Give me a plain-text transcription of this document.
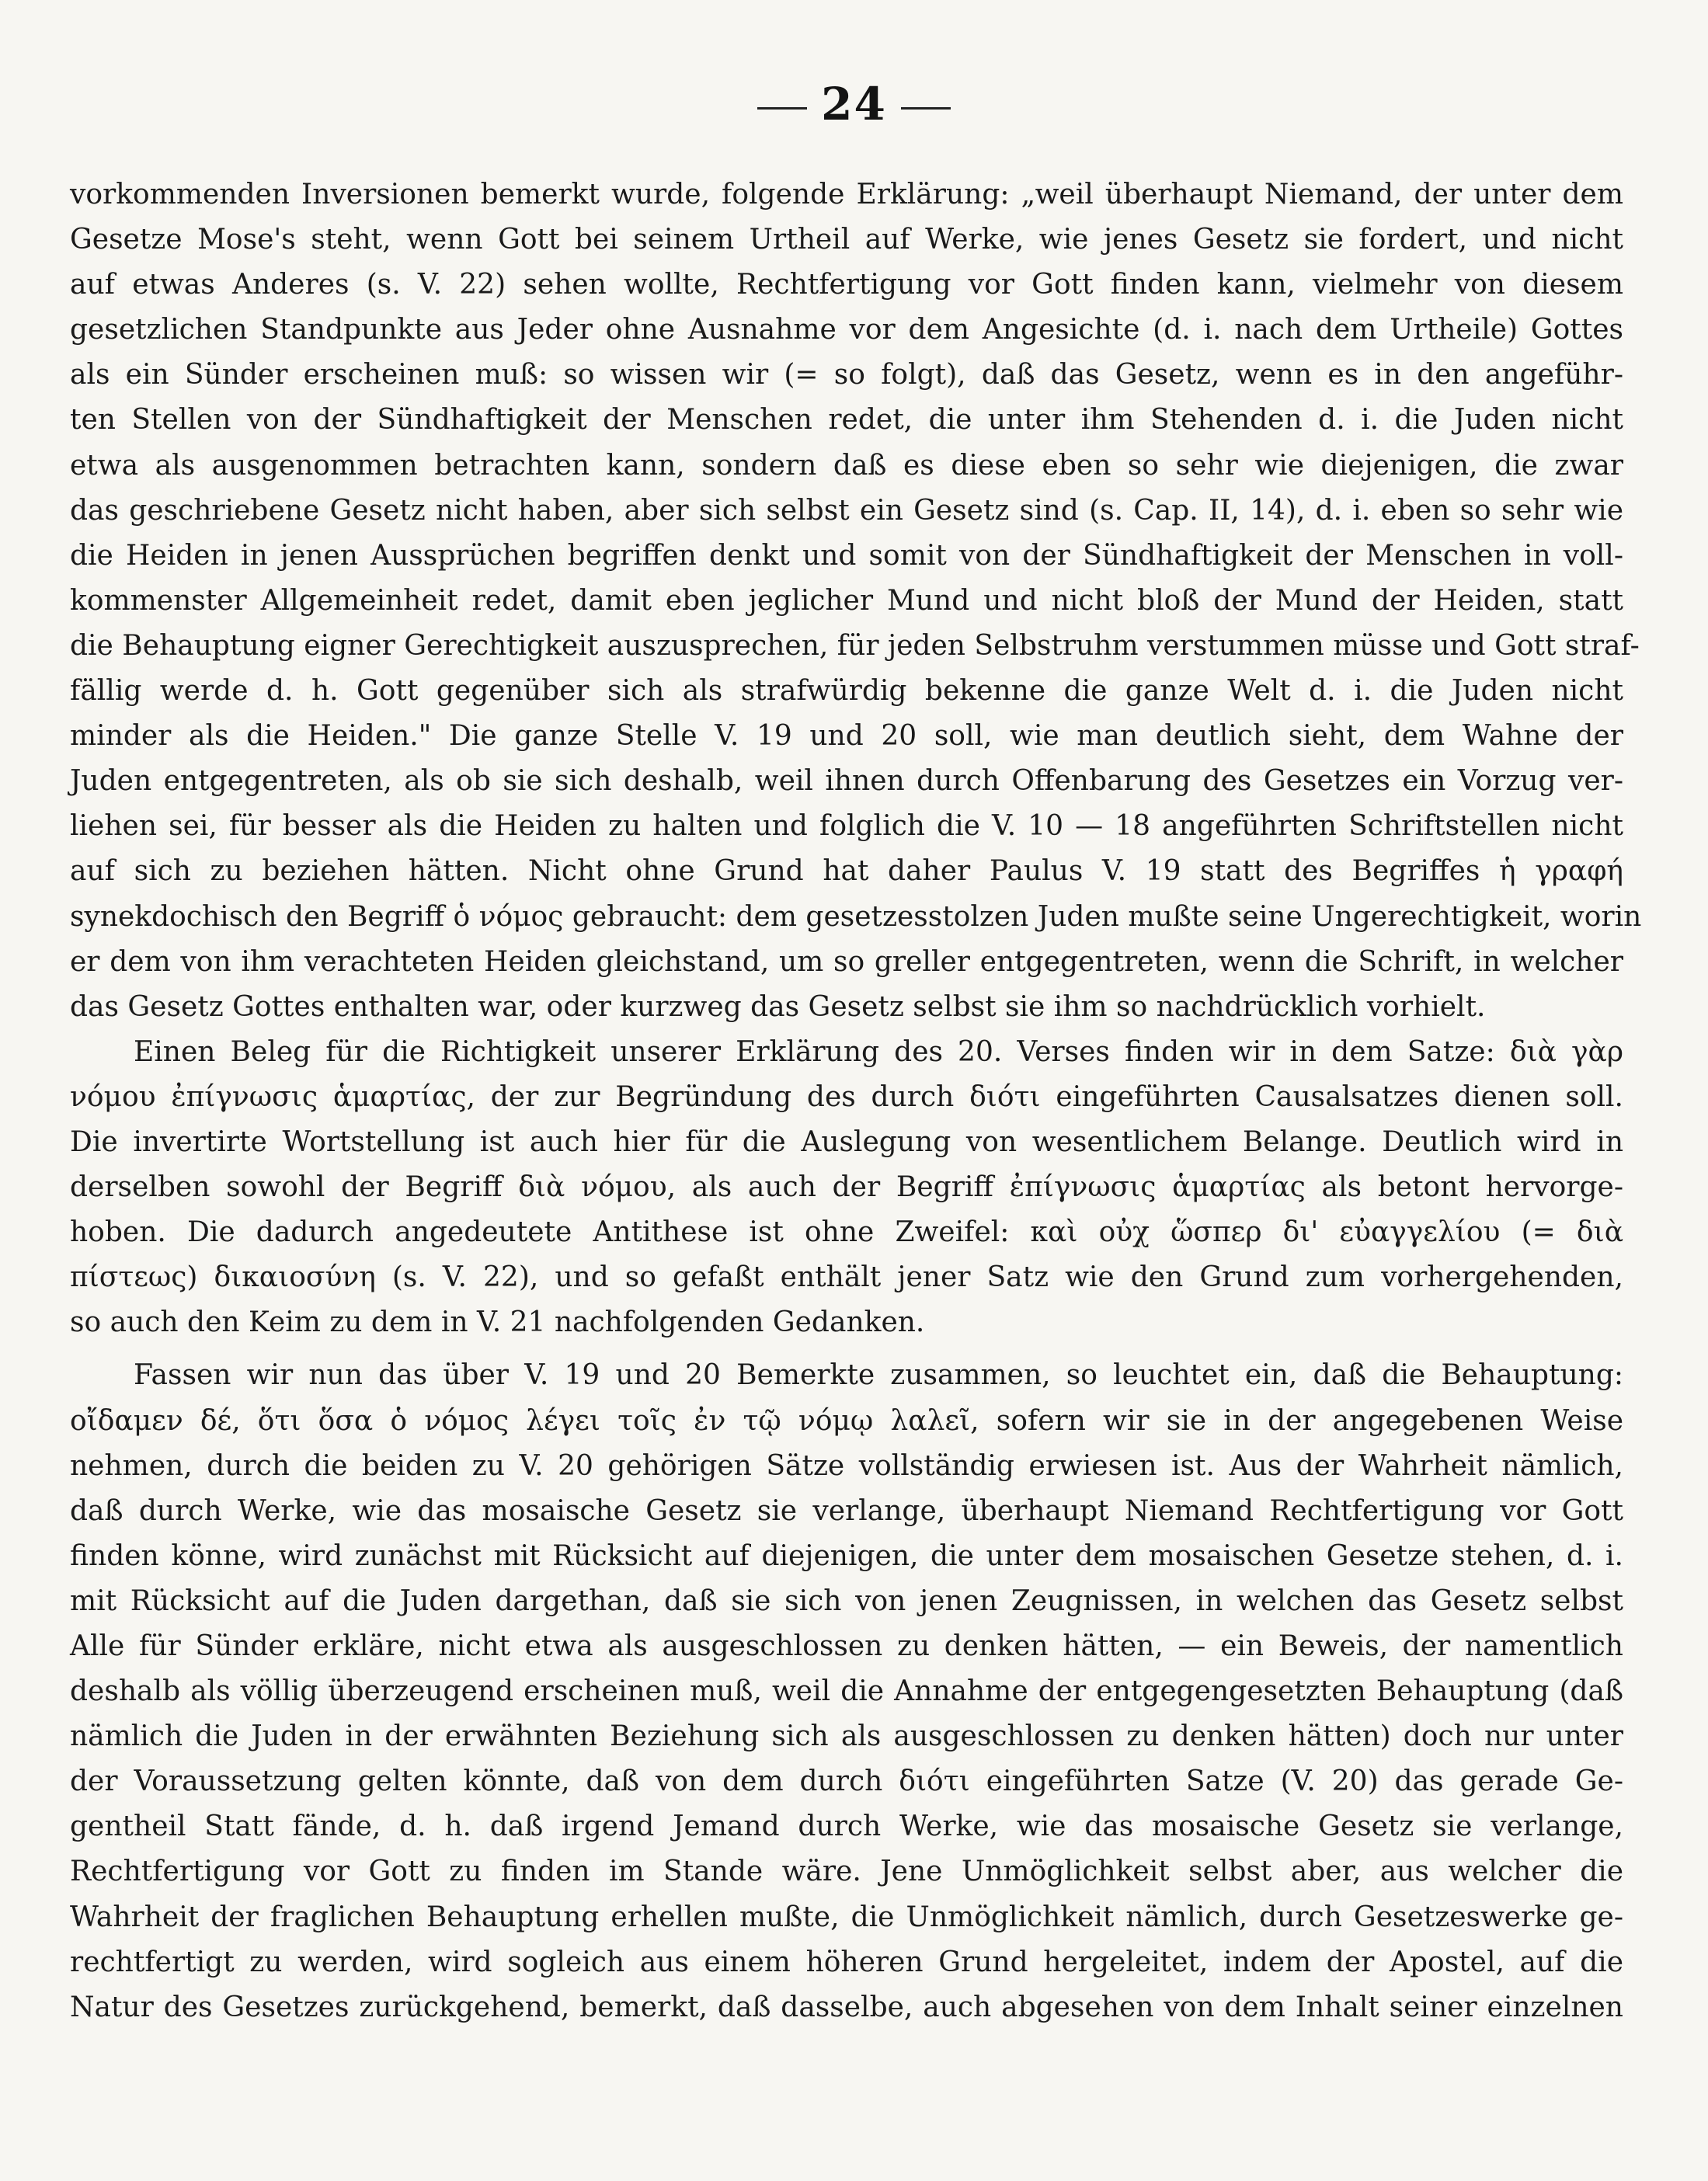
24
vorkommenden Inversionen bemerkt wurde, folgende Erklärung: „weil überhaupt Niemand, der unter dem
Gesetze Mose's steht, wenn Gott bei seinem Urtheil auf Werke, wie jenes Gesetz sie fordert, und nicht
auf etwas Anderes (s. V. 22) sehen wollte, Rechtfertigung vor Gott finden kann, vielmehr von diesem
gesetzlichen Standpunkte aus Jeder ohne Ausnahme vor dem Angesichte (d. i. nach dem Urtheile) Gottes
als ein Sünder erscheinen muß: so wissen wir (= so folgt), daß das Gesetz, wenn es in den angeführ-
ten Stellen von der Sündhaftigkeit der Menschen redet, die unter ihm Stehenden d. i. die Juden nicht
etwa als ausgenommen betrachten kann, sondern daß es diese eben so sehr wie diejenigen, die zwar
das geschriebene Gesetz nicht haben, aber sich selbst ein Gesetz sind (s. Cap. II, 14), d. i. eben so sehr wie
die Heiden in jenen Aussprüchen begriffen denkt und somit von der Sündhaftigkeit der Menschen in voll-
kommenster Allgemeinheit redet, damit eben jeglicher Mund und nicht bloß der Mund der Heiden, statt
die Behauptung eigner Gerechtigkeit auszusprechen, für jeden Selbstruhm verstummen müsse und Gott straf-
fällig werde d. h. Gott gegenüber sich als strafwürdig bekenne die ganze Welt d. i. die Juden nicht
minder als die Heiden." Die ganze Stelle V. 19 und 20 soll, wie man deutlich sieht, dem Wahne der
Juden entgegentreten, als ob sie sich deshalb, weil ihnen durch Offenbarung des Gesetzes ein Vorzug ver-
liehen sei, für besser als die Heiden zu halten und folglich die V. 10 — 18 angeführten Schriftstellen nicht
auf sich zu beziehen hätten. Nicht ohne Grund hat daher Paulus V. 19 statt des Begriffes ἡ γραφή
synekdochisch den Begriff ὁ νόμος gebraucht: dem gesetzesstolzen Juden mußte seine Ungerechtigkeit, worin
er dem von ihm verachteten Heiden gleichstand, um so greller entgegentreten, wenn die Schrift, in welcher
das Gesetz Gottes enthalten war, oder kurzweg das Gesetz selbst sie ihm so nachdrücklich vorhielt.
Einen Beleg für die Richtigkeit unserer Erklärung des 20. Verses finden wir in dem Satze: διὰ γὰρ
νόμου ἐπίγνωσις ἁμαρτίας, der zur Begründung des durch διότι eingeführten Causalsatzes dienen soll.
Die invertirte Wortstellung ist auch hier für die Auslegung von wesentlichem Belange. Deutlich wird in
derselben sowohl der Begriff διὰ νόμου, als auch der Begriff ἐπίγνωσις ἁμαρτίας als betont hervorge-
hoben. Die dadurch angedeutete Antithese ist ohne Zweifel: καὶ οὐχ ὥσπερ δι' εὐαγγελίου (= διὰ
πίστεως) δικαιοσύνη (s. V. 22), und so gefaßt enthält jener Satz wie den Grund zum vorhergehenden,
so auch den Keim zu dem in V. 21 nachfolgenden Gedanken.
Fassen wir nun das über V. 19 und 20 Bemerkte zusammen, so leuchtet ein, daß die Behauptung:
οἴδαμεν δέ, ὅτι ὅσα ὁ νόμος λέγει τοῖς ἐν τῷ νόμῳ λαλεῖ, sofern wir sie in der angegebenen Weise
nehmen, durch die beiden zu V. 20 gehörigen Sätze vollständig erwiesen ist. Aus der Wahrheit nämlich,
daß durch Werke, wie das mosaische Gesetz sie verlange, überhaupt Niemand Rechtfertigung vor Gott
finden könne, wird zunächst mit Rücksicht auf diejenigen, die unter dem mosaischen Gesetze stehen, d. i.
mit Rücksicht auf die Juden dargethan, daß sie sich von jenen Zeugnissen, in welchen das Gesetz selbst
Alle für Sünder erkläre, nicht etwa als ausgeschlossen zu denken hätten, — ein Beweis, der namentlich
deshalb als völlig überzeugend erscheinen muß, weil die Annahme der entgegengesetzten Behauptung (daß
nämlich die Juden in der erwähnten Beziehung sich als ausgeschlossen zu denken hätten) doch nur unter
der Voraussetzung gelten könnte, daß von dem durch διότι eingeführten Satze (V. 20) das gerade Ge-
gentheil Statt fände, d. h. daß irgend Jemand durch Werke, wie das mosaische Gesetz sie verlange,
Rechtfertigung vor Gott zu finden im Stande wäre. Jene Unmöglichkeit selbst aber, aus welcher die
Wahrheit der fraglichen Behauptung erhellen mußte, die Unmöglichkeit nämlich, durch Gesetzeswerke ge-
rechtfertigt zu werden, wird sogleich aus einem höheren Grund hergeleitet, indem der Apostel, auf die
Natur des Gesetzes zurückgehend, bemerkt, daß dasselbe, auch abgesehen von dem Inhalt seiner einzelnen
